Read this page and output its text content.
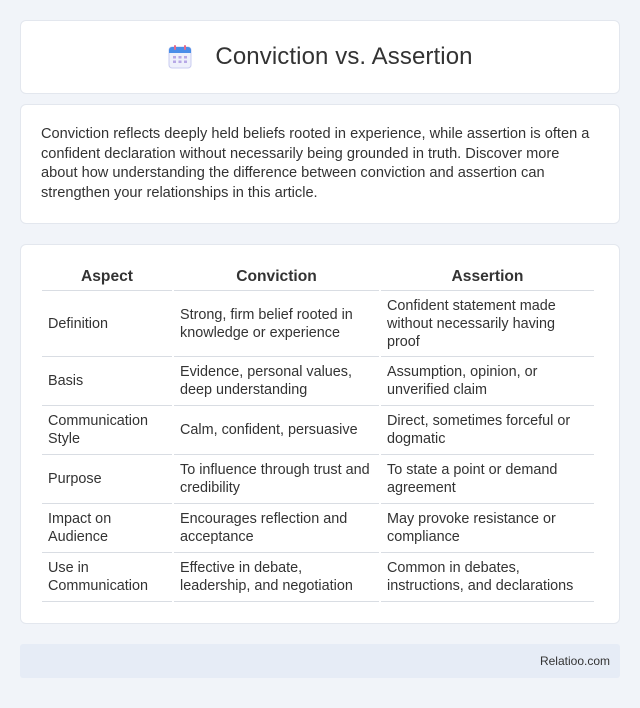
Conviction vs. Assertion

Conviction reflects deeply held beliefs rooted in experience, while assertion is often a confident declaration without necessarily being grounded in truth. Discover more about how understanding the difference between conviction and assertion can strengthen your relationships in this article.

Aspect	Conviction	Assertion
Definition	Strong, firm belief rooted in knowledge or experience	Confident statement made without necessarily having proof
Basis	Evidence, personal values, deep understanding	Assumption, opinion, or unverified claim
Communication Style	Calm, confident, persuasive	Direct, sometimes forceful or dogmatic
Purpose	To influence through trust and credibility	To state a point or demand agreement
Impact on Audience	Encourages reflection and acceptance	May provoke resistance or compliance
Use in Communication	Effective in debate, leadership, and negotiation	Common in debates, instructions, and declarations
Relatioo.com
